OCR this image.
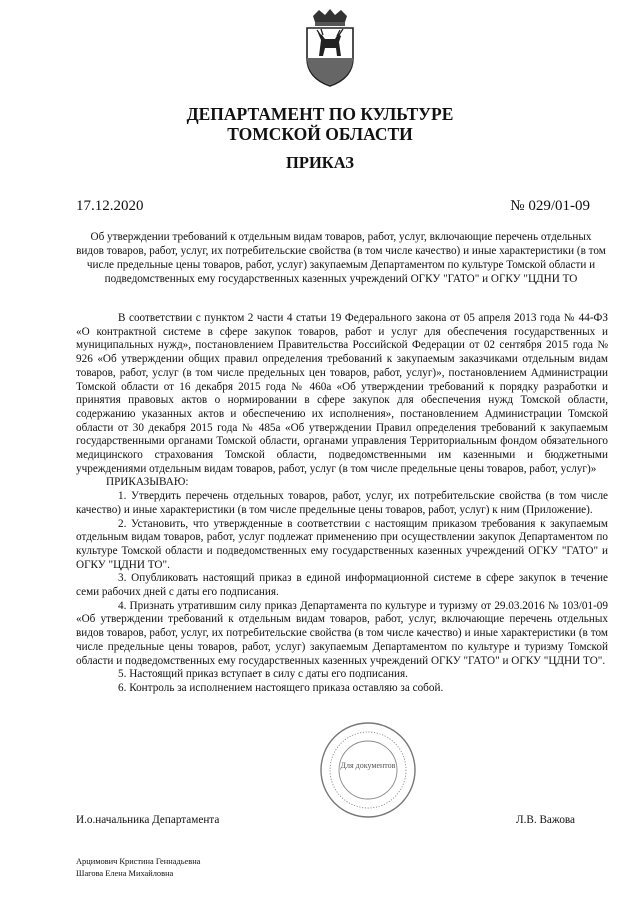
ДЕПАРТАМЕНТ ПО КУЛЬТУРЕ
ТОМСКОЙ ОБЛАСТИ
ПРИКАЗ
17.12.2020	№ 029/01-09
Об утверждении требований к отдельным видам товаров, работ, услуг, включающие перечень отдельных видов товаров, работ, услуг, их потребительские свойства (в том числе качество) и иные характеристики (в том числе предельные цены товаров, работ, услуг) закупаемым Департаментом по культуре Томской области и подведомственных ему государственных казенных учреждений ОГКУ "ГАТО" и ОГКУ "ЦДНИ ТО

В соответствии с пунктом 2 части 4 статьи 19 Федерального закона от 05 апреля 2013 года № 44-ФЗ «О контрактной системе в сфере закупок товаров, работ и услуг для обеспечения государственных и муниципальных нужд», постановлением Правительства Российской Федерации от 02 сентября 2015 года № 926 «Об утверждении общих правил определения требований к закупаемым заказчиками отдельным видам товаров, работ, услуг (в том числе предельных цен товаров, работ, услуг)», постановлением Администрации Томской области от 16 декабря 2015 года № 460а «Об утверждении требований к порядку разработки и принятия правовых актов о нормировании в сфере закупок для обеспечения нужд Томской области, содержанию указанных актов и обеспечению их исполнения», постановлением Администрации Томской области от 30 декабря 2015 года № 485а «Об утверждении Правил определения требований к закупаемым государственными органами Томской области, органами управления Территориальным фондом обязательного медицинского страхования Томской области, подведомственными им казенными и бюджетными учреждениями отдельным видам товаров, работ, услуг (в том числе предельные цены товаров, работ, услуг)»

ПРИКАЗЫВАЮ:

1. Утвердить перечень отдельных товаров, работ, услуг, их потребительские свойства (в том числе качество) и иные характеристики (в том числе предельные цены товаров, работ, услуг) к ним (Приложение).

2. Установить, что утвержденные в соответствии с настоящим приказом требования к закупаемым отдельным видам товаров, работ, услуг подлежат применению при осуществлении закупок Департаментом по культуре Томской области и подведомственных ему государственных казенных учреждений ОГКУ "ГАТО" и ОГКУ "ЦДНИ ТО".

3. Опубликовать настоящий приказ в единой информационной системе в сфере закупок в течение семи рабочих дней с даты его подписания.

4. Признать утратившим силу приказ Департамента по культуре и туризму от 29.03.2016 № 103/01-09 «Об утверждении требований к отдельным видам товаров, работ, услуг, включающие перечень отдельных видов товаров, работ, услуг, их потребительские свойства (в том числе качество) и иные характеристики (в том числе предельные цены товаров, работ, услуг) закупаемым Департаментом по культуре и туризму Томской области и подведомственных ему государственных казенных учреждений ОГКУ "ГАТО" и ОГКУ "ЦДНИ ТО".

5. Настоящий приказ вступает в силу с даты его подписания.

6. Контроль за исполнением настоящего приказа оставляю за собой.

Для документов
И.о.начальника Департамента	Л.В. Важова
Арцимович Кристина Геннадьевна
Шагова Елена Михайловна
